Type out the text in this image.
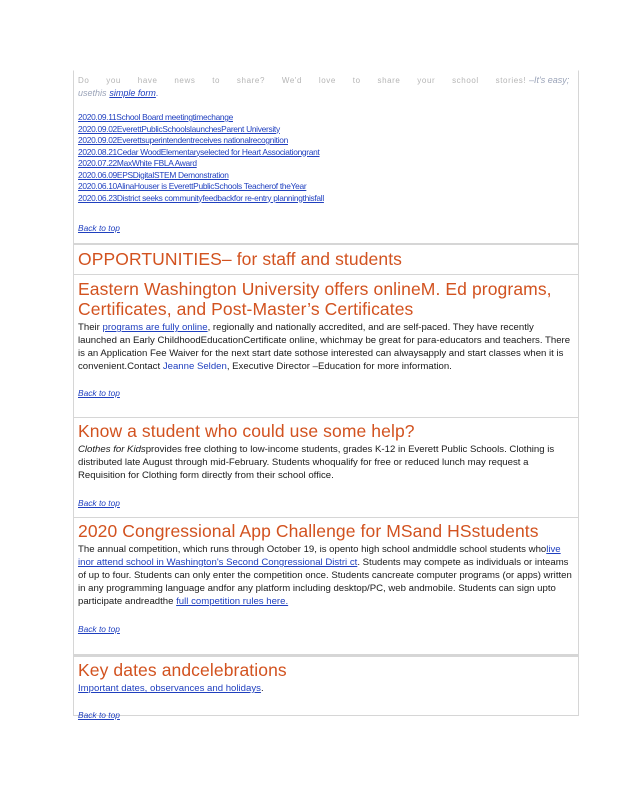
Do you have news to share? We'd love to share your school stories! –It's easy; usethis simple form.
2020.09.11School Board meetingtimechange
2020.09.02EverettPublicSchoolslaunchesParent University
2020.09.02Everettsuperintendentreceives nationalrecognition
2020.08.21Cedar WoodElementaryselected for Heart Associationgrant
2020.07.22MaxWhite FBLA Award
2020.06.09EPSDigitalSTEM Demonstration
2020.06.10AlinaHouser is EverettPublicSchools Teacherof theYear
2020.06.23District seeks communityfeedbackfor re-entry planningthisfall
Back to top
OPPORTUNITIES– for staff and students
Eastern Washington University offers onlineM. Ed programs, Certificates, and Post-Master’s Certificates
Their programs are fully online, regionally and nationally accredited, and are self-paced. They have recently launched an Early ChildhoodEducationCertificate online, whichmay be great for para-educators and teachers. There is an Application Fee Waiver for the next start date sothose interested can alwaysapply and start classes when it is convenient.Contact Jeanne Selden, Executive Director –Education for more information.
Back to top
Know a student who could use some help?
Clothes for Kidsprovides free clothing to low-income students, grades K-12 in Everett Public Schools. Clothing is distributed late August through mid-February. Students whoqualify for free or reduced lunch may request a Requisition for Clothing form directly from their school office.
Back to top
2020 Congressional App Challenge for MSand HSstudents
The annual competition, which runs through October 19, is opento high school andmiddle school students wholive inor attend school in Washington's Second Congressional Distri ct. Students may compete as individuals or inteams of up to four. Students can only enter the competition once. Students cancreate computer programs (or apps) written in any programming language andfor any platform including desktop/PC, web andmobile. Students can sign upto participate andreadthe full competition rules here.
Back to top
Key dates andcelebrations
Important dates, observances and holidays.
Back to top
